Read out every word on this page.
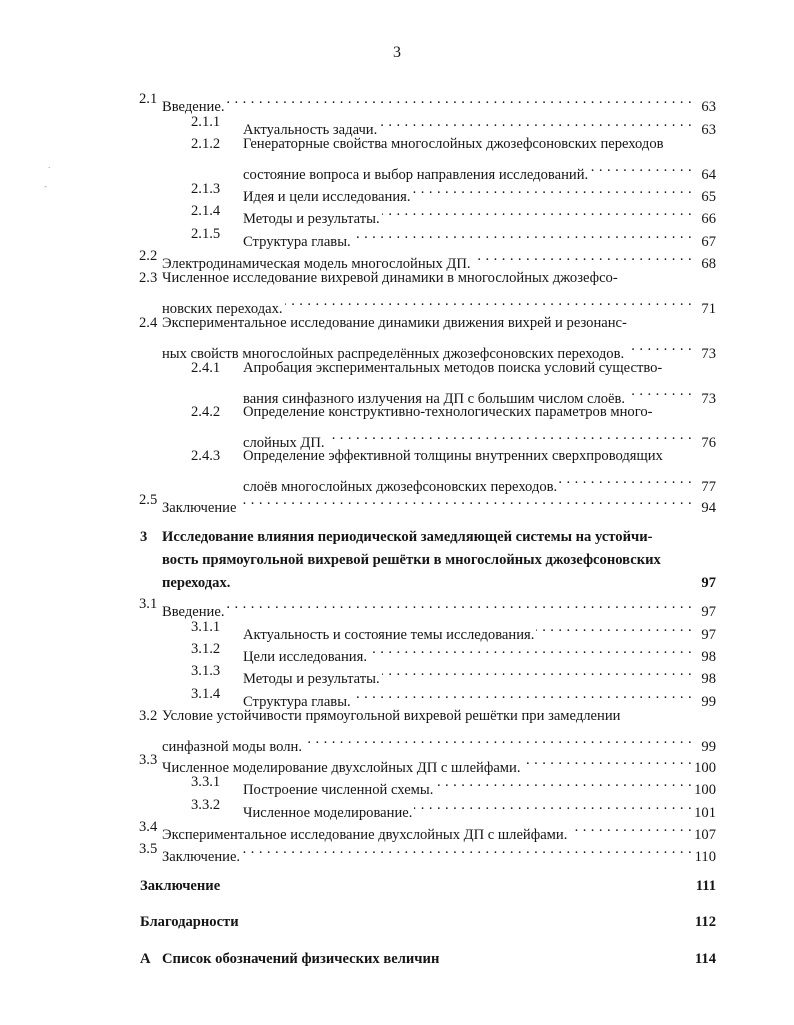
3
2.1 Введение. . . .	63
2.1.1 Актуальность задачи. . . .	63
2.1.2 Генераторные свойства многослойных джозефсоновских переходов
состояние вопроса и выбор направления исследований. . . .	64
2.1.3 Идея и цели исследования. . . .	65
2.1.4 Методы и результаты. . . .	66
2.1.5 Структура главы. . . .	67
2.2 Электродинамическая модель многослойных ДП. . . .	68
2.3 Численное исследование вихревой динамики в многослойных джозефсо-
новских переходах. . . .	71
2.4 Экспериментальное исследование динамики движения вихрей и резонанс-
ных свойств многослойных распределённых джозефсоновских переходов. . . .	73
2.4.1 Апробация экспериментальных методов поиска условий существо-
вания синфазного излучения на ДП с большим числом слоёв. . . .	73
2.4.2 Определение конструктивно-технологических параметров много-
слойных ДП. . . .	76
2.4.3 Определение эффективной толщины внутренних сверхпроводящих
слоёв многослойных джозефсоновских переходов. . . .	77
2.5 Заключение . . .	94
3 Исследование влияния периодической замедляющей системы на устойчи-
вость прямоугольной вихревой решётки в многослойных джозефсоновских
переходах.	97
3.1 Введение. . . .	97
3.1.1 Актуальность и состояние темы исследования. . . .	97
3.1.2 Цели исследования. . . .	98
3.1.3 Методы и результаты. . . .	98
3.1.4 Структура главы. . . .	99
3.2 Условие устойчивости прямоугольной вихревой решётки при замедлении
синфазной моды волн. . . .	99
3.3 Численное моделирование двухслойных ДП с шлейфами. . . .	100
3.3.1 Построение численной схемы. . . .	100
3.3.2 Численное моделирование. . . .	101
3.4 Экспериментальное исследование двухслойных ДП с шлейфами. . . .	107
3.5 Заключение. . . .	110
Заключение	111
Благодарности	112
A Список обозначений физических величин	114
.
-
